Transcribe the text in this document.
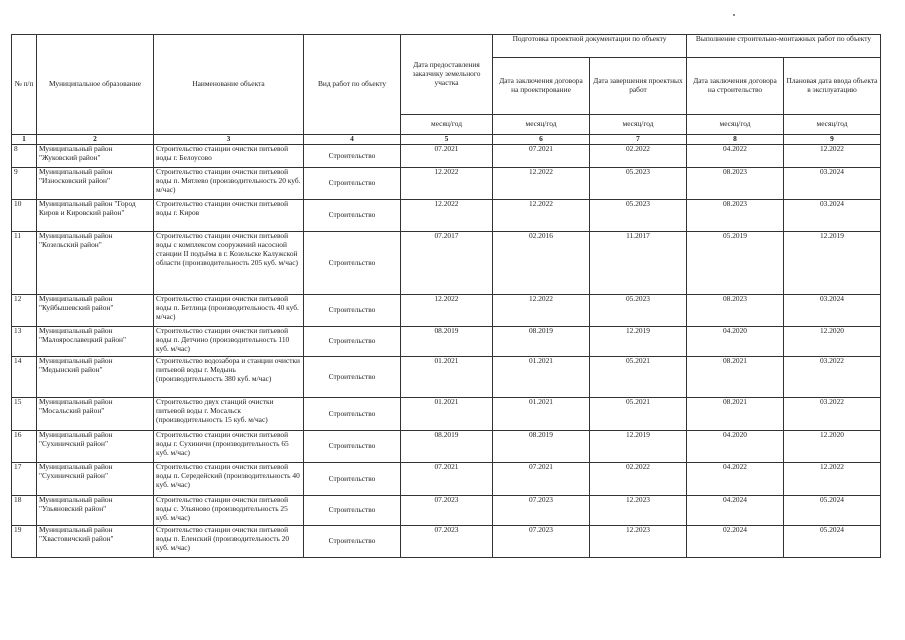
№ п/п	Муниципальное образование	Наименование объекта	Вид работ по объекту	Дата предоставления заказчику земельного участка	Подготовка проектной документации по объекту		Выполнение строительно-монтажных работ по объекту	
					Дата заключения договора на проектирование	Дата завершения проектных работ	Дата заключения договора на строительство	Плановая дата ввода объекта в эксплуатацию
				месяц/год	месяц/год	месяц/год	месяц/год	месяц/год
1	2	3	4	5	6	7	8	9
8	Муниципальный район "Жуковский район"	Строительство станции очистки питьевой воды г. Белоусово	Строительство	07.2021	07.2021	02.2022	04.2022	12.2022
9	Муниципальный район "Износковский район"	Строительство станции очистки питьевой воды п. Мятлево (производительность 20 куб. м/час)	Строительство	12.2022	12.2022	05.2023	08.2023	03.2024
10	Муниципальный район "Город Киров и Кировский район"	Строительство станции очистки питьевой воды г. Киров	Строительство	12.2022	12.2022	05.2023	08.2023	03.2024
11	Муниципальный район "Козельский район"	Строительство станции очистки питьевой воды с комплексом сооружений насосной станции II подъёма в г. Козельске Калужской области (производительность 205 куб. м/час)	Строительство	07.2017	02.2016	11.2017	05.2019	12.2019
12	Муниципальный район "Куйбышевский район"	Строительство станции очистки питьевой воды п. Бетлица (производительность 40 куб. м/час)	Строительство	12.2022	12.2022	05.2023	08.2023	03.2024
13	Муниципальный район "Малоярославецкий район"	Строительство станции очистки питьевой воды п. Детчино (производительность 110 куб. м/час)	Строительство	08.2019	08.2019	12.2019	04.2020	12.2020
14	Муниципальный район "Медынский район"	Строительство водозабора и станции очистки питьевой воды г. Медынь (производительность 380 куб. м/час)	Строительство	01.2021	01.2021	05.2021	08.2021	03.2022
15	Муниципальный район "Мосальский район"	Строительство двух станций очистки питьевой воды г. Мосальск (производительность 15 куб. м/час)	Строительство	01.2021	01.2021	05.2021	08.2021	03.2022
16	Муниципальный район "Сухиничский район"	Строительство станции очистки питьевой воды г. Сухиничи (производительность 65 куб. м/час)	Строительство	08.2019	08.2019	12.2019	04.2020	12.2020
17	Муниципальный район "Сухиничский район"	Строительство станции очистки питьевой воды п. Середейский (производительность 40 куб. м/час)	Строительство	07.2021	07.2021	02.2022	04.2022	12.2022
18	Муниципальный район "Ульяновский район"	Строительство станции очистки питьевой воды с. Ульяново (производительность 25 куб. м/час)	Строительство	07.2023	07.2023	12.2023	04.2024	05.2024
19	Муниципальный район "Хвастовичский район"	Строительство станции очистки питьевой воды п. Еленский (производительность 20 куб. м/час)	Строительство	07.2023	07.2023	12.2023	02.2024	05.2024
